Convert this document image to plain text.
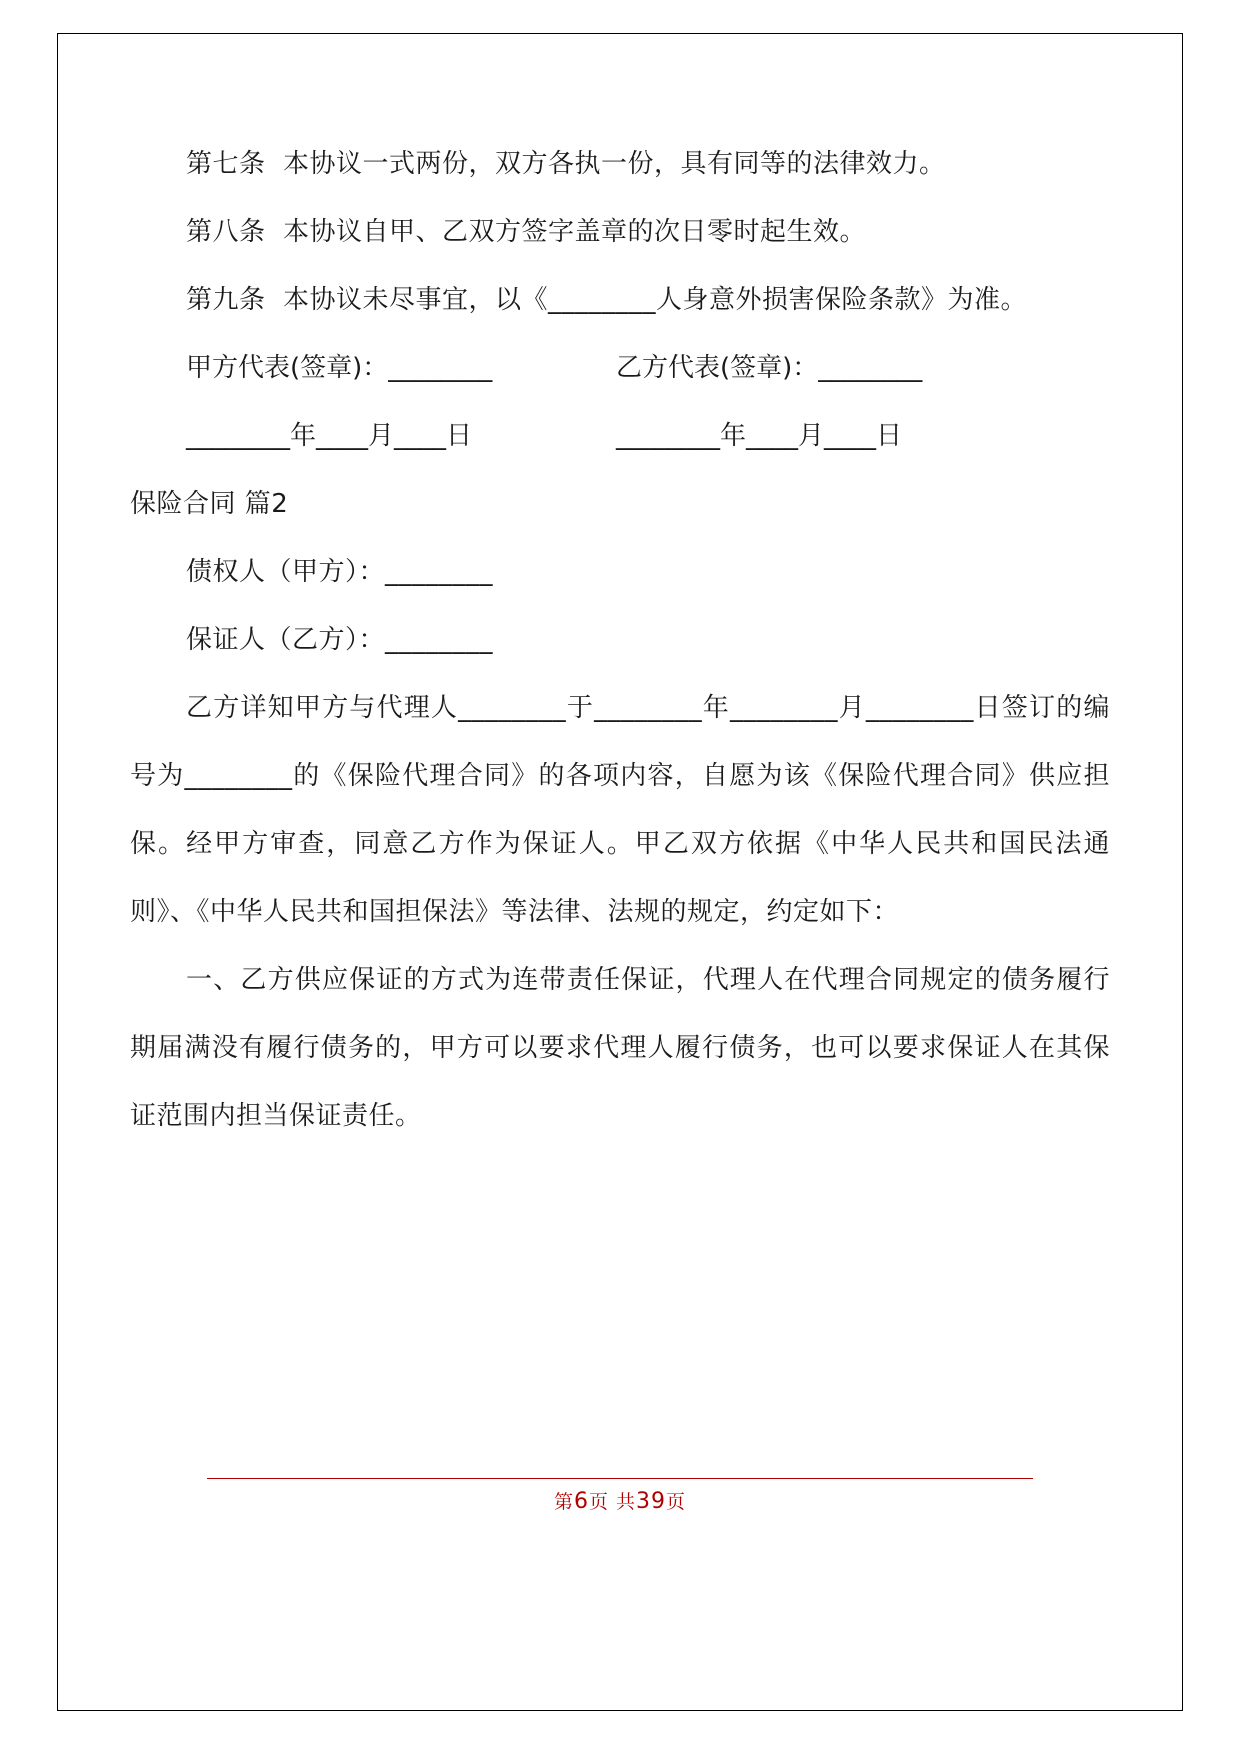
第七条  本协议一式两份，双方各执一份，具有同等的法律效力。

第八条  本协议自甲、乙双方签字盖章的次日零时起生效。

第九条  本协议未尽事宜，以《________人身意外损害保险条款》为准。

甲方代表(签章)：________	乙方代表(签章)：________
________年____月____日	________年____月____日

保险合同 篇2

债权人（甲方）：________

保证人（乙方）：________

乙方详知甲方与代理人________于________年________月________日签订的编号为________的《保险代理合同》的各项内容，自愿为该《保险代理合同》供应担保。经甲方审查，同意乙方作为保证人。甲乙双方依据《中华人民共和国民法通则》、《中华人民共和国担保法》等法律、法规的规定，约定如下：

一、乙方供应保证的方式为连带责任保证，代理人在代理合同规定的债务履行期届满没有履行债务的，甲方可以要求代理人履行债务，也可以要求保证人在其保证范围内担当保证责任。

第6页 共39页
